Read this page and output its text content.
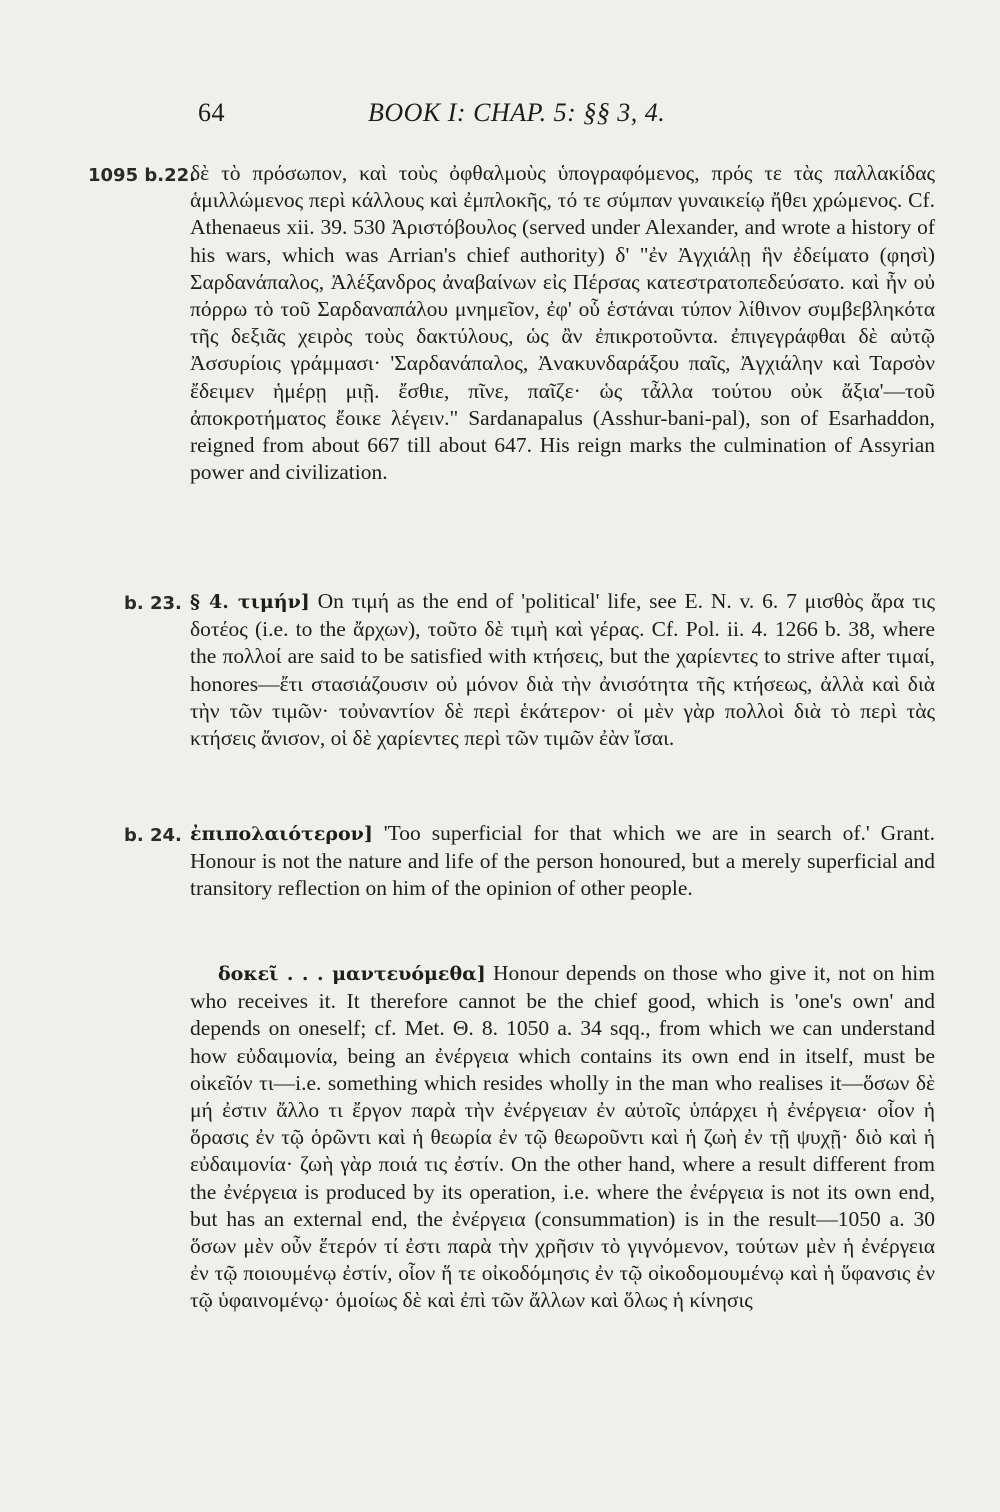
64	BOOK I: CHAP. 5: §§ 3, 4.
1095 b.22.
δὲ τὸ πρόσωπον, καὶ τοὺς ὀφθαλμοὺς ὑπογραφόμενος, πρός τε τὰς παλλακίδας ἁμιλλώμενος περὶ κάλλους καὶ ἐμπλοκῆς, τό τε σύμπαν γυναικείῳ ἤθει χρώμενος. Cf. Athenaeus xii. 39. 530 Ἀριστόβουλος (served under Alexander, and wrote a history of his wars, which was Arrian's chief authority) δ' "ἐν Ἀγχιάλῃ ἣν ἐδείματο (φησὶ) Σαρδανάπαλος, Ἀλέξανδρος ἀναβαίνων εἰς Πέρσας κατεστρατοπεδεύσατο. καὶ ἦν οὐ πόρρω τὸ τοῦ Σαρδαναπάλου μνημεῖον, ἐφ' οὗ ἑστάναι τύπον λίθινον συμβεβληκότα τῆς δεξιᾶς χειρὸς τοὺς δακτύλους, ὡς ἂν ἐπικροτοῦντα. ἐπιγεγράφθαι δὲ αὐτῷ Ἀσσυρίοις γράμμασι· 'Σαρδανάπαλος, Ἀνακυνδαράξου παῖς, Ἀγχιάλην καὶ Ταρσὸν ἔδειμεν ἡμέρῃ μιῇ. ἔσθιε, πῖνε, παῖζε· ὡς τἆλλα τούτου οὐκ ἄξια'—τοῦ ἀποκροτήματος ἔοικε λέγειν." Sardanapalus (Asshur-bani-pal), son of Esarhaddon, reigned from about 667 till about 647. His reign marks the culmination of Assyrian power and civilization.
b. 23. § 4. τιμήν] On τιμή as the end of 'political' life, see E. N. v. 6. 7 μισθὸς ἄρα τις δοτέος (i.e. to the ἄρχων), τοῦτο δὲ τιμὴ καὶ γέρας. Cf. Pol. ii. 4. 1266 b. 38, where the πολλοί are said to be satisfied with κτήσεις, but the χαρίεντες to strive after τιμαί, honores—ἔτι στασιάζουσιν οὐ μόνον διὰ τὴν ἀνισότητα τῆς κτήσεως, ἀλλὰ καὶ διὰ τὴν τῶν τιμῶν· τοὐναντίον δὲ περὶ ἑκάτερον· οἱ μὲν γὰρ πολλοὶ διὰ τὸ περὶ τὰς κτήσεις ἄνισον, οἱ δὲ χαρίεντες περὶ τῶν τιμῶν ἐὰν ἴσαι.
b. 24. ἐπιπολαιότερον] 'Too superficial for that which we are in search of.' Grant. Honour is not the nature and life of the person honoured, but a merely superficial and transitory reflection on him of the opinion of other people.
δοκεῖ . . . μαντευόμεθα] Honour depends on those who give it, not on him who receives it. It therefore cannot be the chief good, which is 'one's own' and depends on oneself; cf. Met. Θ. 8. 1050 a. 34 sqq., from which we can understand how εὐδαιμονία, being an ἐνέργεια which contains its own end in itself, must be οἰκεῖόν τι—i.e. something which resides wholly in the man who realises it—ὅσων δὲ μή ἐστιν ἄλλο τι ἔργον παρὰ τὴν ἐνέργειαν ἐν αὐτοῖς ὑπάρχει ἡ ἐνέργεια· οἷον ἡ ὅρασις ἐν τῷ ὁρῶντι καὶ ἡ θεωρία ἐν τῷ θεωροῦντι καὶ ἡ ζωὴ ἐν τῇ ψυχῇ· διὸ καὶ ἡ εὐδαιμονία· ζωὴ γὰρ ποιά τις ἐστίν. On the other hand, where a result different from the ἐνέργεια is produced by its operation, i.e. where the ἐνέργεια is not its own end, but has an external end, the ἐνέργεια (consummation) is in the result—1050 a. 30 ὅσων μὲν οὖν ἕτερόν τί ἐστι παρὰ τὴν χρῆσιν τὸ γιγνόμενον, τούτων μὲν ἡ ἐνέργεια ἐν τῷ ποιουμένῳ ἐστίν, οἷον ἥ τε οἰκοδόμησις ἐν τῷ οἰκοδομουμένῳ καὶ ἡ ὕφανσις ἐν τῷ ὑφαινομένῳ· ὁμοίως δὲ καὶ ἐπὶ τῶν ἄλλων καὶ ὅλως ἡ κίνησις
